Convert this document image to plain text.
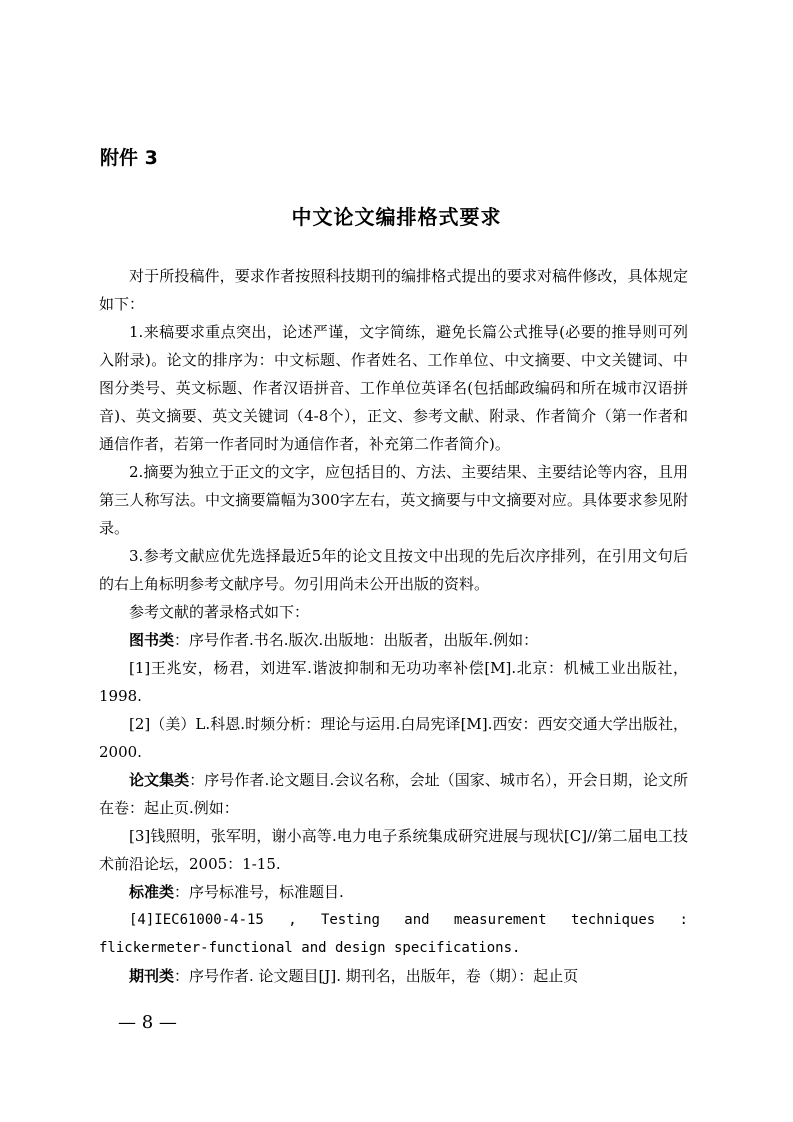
附件 3
中文论文编排格式要求

对于所投稿件，要求作者按照科技期刊的编排格式提出的要求对稿件修改，具体规定如下：

1.来稿要求重点突出，论述严谨，文字简练，避免长篇公式推导(必要的推导则可列入附录)。论文的排序为：中文标题、作者姓名、工作单位、中文摘要、中文关键词、中图分类号、英文标题、作者汉语拼音、工作单位英译名(包括邮政编码和所在城市汉语拼音)、英文摘要、英文关键词（4-8个），正文、参考文献、附录、作者简介（第一作者和通信作者，若第一作者同时为通信作者，补充第二作者简介)。

2.摘要为独立于正文的文字，应包括目的、方法、主要结果、主要结论等内容，且用第三人称写法。中文摘要篇幅为300字左右，英文摘要与中文摘要对应。具体要求参见附录。

3.参考文献应优先选择最近5年的论文且按文中出现的先后次序排列，在引用文句后的右上角标明参考文献序号。勿引用尚未公开出版的资料。

参考文献的著录格式如下：

图书类：序号作者.书名.版次.出版地：出版者，出版年.例如：

[1]王兆安，杨君，刘进军.谐波抑制和无功功率补偿[M].北京：机械工业出版社，1998.

[2]（美）L.科恩.时频分析：理论与运用.白局宪译[M].西安：西安交通大学出版社，2000.

论文集类：序号作者.论文题目.会议名称，会址（国家、城市名），开会日期，论文所在卷：起止页.例如：

[3]钱照明，张军明，谢小高等.电力电子系统集成研究进展与现状[C]//第二届电工技术前沿论坛，2005：1-15.

标准类：序号标准号，标准题目.

[4]IEC61000-4-15 , Testing and measurement techniques :

flickermeter-functional and design specifications.

期刊类：序号作者. 论文题目[J]. 期刊名，出版年，卷（期）：起止页

— 8 —
